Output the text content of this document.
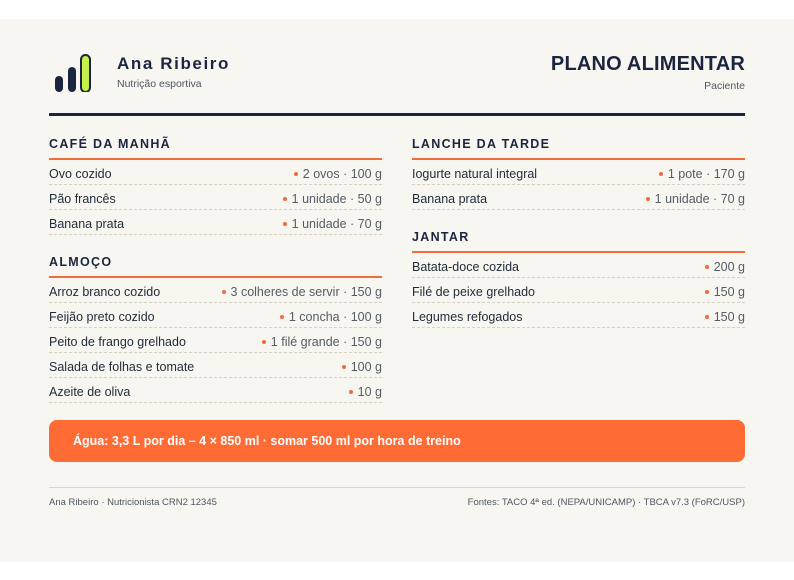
Ana Ribeiro
Nutrição esportiva
PLANO ALIMENTAR
Paciente
CAFÉ DA MANHÃ
Ovo cozido	2 ovos · 100 g
Pão francês	1 unidade · 50 g
Banana prata	1 unidade · 70 g
ALMOÇO
Arroz branco cozido	3 colheres de servir · 150 g
Feijão preto cozido	1 concha · 100 g
Peito de frango grelhado	1 filé grande · 150 g
Salada de folhas e tomate	100 g
Azeite de oliva	10 g
LANCHE DA TARDE
Iogurte natural integral	1 pote · 170 g
Banana prata	1 unidade · 70 g
JANTAR
Batata-doce cozida	200 g
Filé de peixe grelhado	150 g
Legumes refogados	150 g
Água: 3,3 L por dia – 4 × 850 ml · somar 500 ml por hora de treino
Ana Ribeiro · Nutricionista CRN2 12345	Fontes: TACO 4ª ed. (NEPA/UNICAMP) · TBCA v7.3 (FoRC/USP)
